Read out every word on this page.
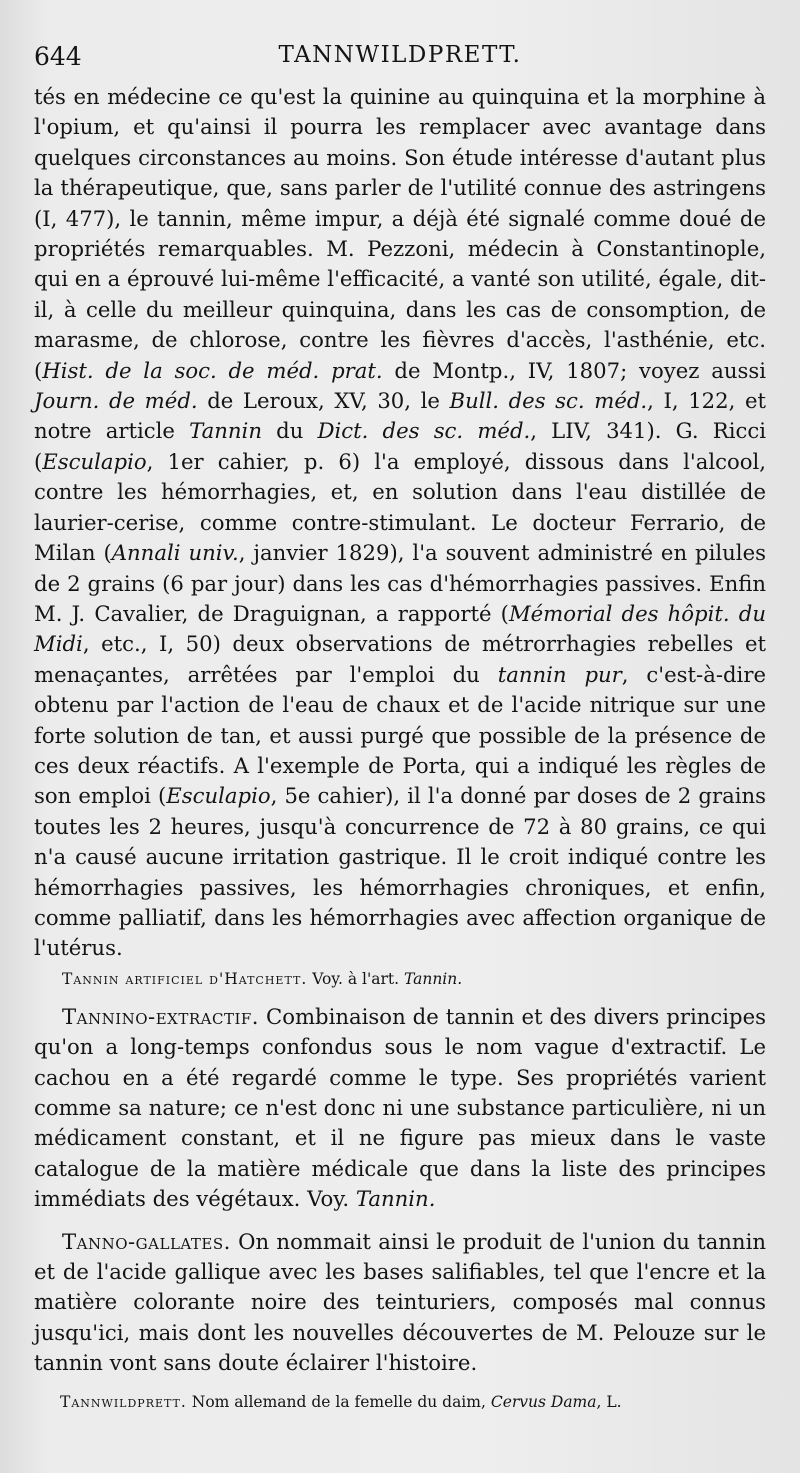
644	TANNWILDPRETT.

tés en médecine ce qu'est la quinine au quinquina et la morphine à l'opium, et qu'ainsi il pourra les remplacer avec avantage dans quelques circonstances au moins. Son étude intéresse d'autant plus la thérapeutique, que, sans parler de l'utilité connue des astringens (I, 477), le tannin, même impur, a déjà été signalé comme doué de propriétés remarquables. M. Pezzoni, médecin à Constantinople, qui en a éprouvé lui-même l'efficacité, a vanté son utilité, égale, dit-il, à celle du meilleur quinquina, dans les cas de consomption, de marasme, de chlorose, contre les fièvres d'accès, l'asthénie, etc. (Hist. de la soc. de méd. prat. de Montp., IV, 1807; voyez aussi Journ. de méd. de Leroux, XV, 30, le Bull. des sc. méd., I, 122, et notre article Tannin du Dict. des sc. méd., LIV, 341). G. Ricci (Esculapio, 1er cahier, p. 6) l'a employé, dissous dans l'alcool, contre les hémorrhagies, et, en solution dans l'eau distillée de laurier-cerise, comme contre-stimulant. Le docteur Ferrario, de Milan (Annali univ., janvier 1829), l'a souvent administré en pilules de 2 grains (6 par jour) dans les cas d'hémorrhagies passives. Enfin M. J. Cavalier, de Draguignan, a rapporté (Mémorial des hôpit. du Midi, etc., I, 50) deux observations de métrorrhagies rebelles et menaçantes, arrêtées par l'emploi du tannin pur, c'est-à-dire obtenu par l'action de l'eau de chaux et de l'acide nitrique sur une forte solution de tan, et aussi purgé que possible de la présence de ces deux réactifs. A l'exemple de Porta, qui a indiqué les règles de son emploi (Esculapio, 5e cahier), il l'a donné par doses de 2 grains toutes les 2 heures, jusqu'à concurrence de 72 à 80 grains, ce qui n'a causé aucune irritation gastrique. Il le croit indiqué contre les hémorrhagies passives, les hémorrhagies chroniques, et enfin, comme palliatif, dans les hémorrhagies avec affection organique de l'utérus.

Tannin artificiel d'Hatchett. Voy. à l'art. Tannin.

Tannino-extractif. Combinaison de tannin et des divers principes qu'on a long-temps confondus sous le nom vague d'extractif. Le cachou en a été regardé comme le type. Ses propriétés varient comme sa nature; ce n'est donc ni une substance particulière, ni un médicament constant, et il ne figure pas mieux dans le vaste catalogue de la matière médicale que dans la liste des principes immédiats des végétaux. Voy. Tannin.

Tanno-gallates. On nommait ainsi le produit de l'union du tannin et de l'acide gallique avec les bases salifiables, tel que l'encre et la matière colorante noire des teinturiers, composés mal connus jusqu'ici, mais dont les nouvelles découvertes de M. Pelouze sur le tannin vont sans doute éclairer l'histoire.

Tannwildprett. Nom allemand de la femelle du daim, Cervus Dama, L.
